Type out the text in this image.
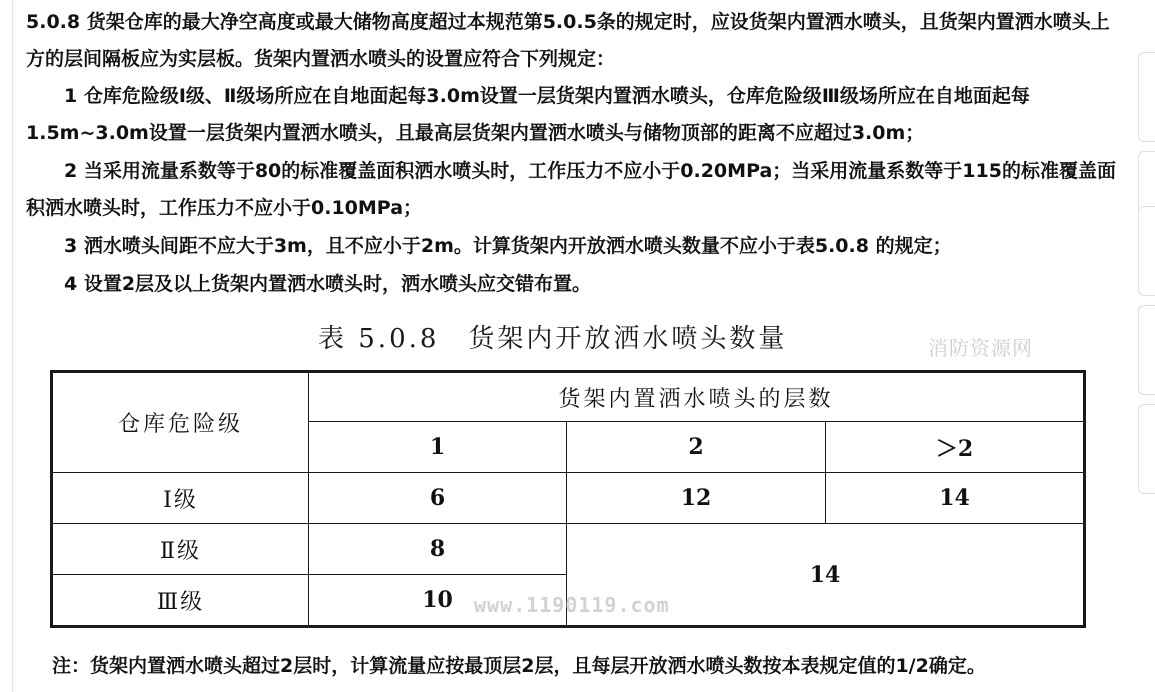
5.0.8 货架仓库的最大净空高度或最大储物高度超过本规范第5.0.5条的规定时，应设货架内置洒水喷头，且货架内置洒水喷头上方的层间隔板应为实层板。货架内置洒水喷头的设置应符合下列规定：
1 仓库危险级Ⅰ级、Ⅱ级场所应在自地面起每3.0m设置一层货架内置洒水喷头，仓库危险级Ⅲ级场所应在自地面起每1.5m~3.0m设置一层货架内置洒水喷头，且最高层货架内置洒水喷头与储物顶部的距离不应超过3.0m；
2 当采用流量系数等于80的标准覆盖面积洒水喷头时，工作压力不应小于0.20MPa；当采用流量系数等于115的标准覆盖面积洒水喷头时，工作压力不应小于0.10MPa；
3 洒水喷头间距不应大于3m，且不应小于2m。计算货架内开放洒水喷头数量不应小于表5.0.8 的规定；
4 设置2层及以上货架内置洒水喷头时，洒水喷头应交错布置。
表 5.0.8　货架内开放洒水喷头数量	消防资源网
仓库危险级	货架内置洒水喷头的层数		
	1	2	＞2
Ⅰ级	6	12	14
Ⅱ级	8	14	
Ⅲ级	10		www.1190119.com
注：货架内置洒水喷头超过2层时，计算流量应按最顶层2层，且每层开放洒水喷头数按本表规定值的1/2确定。
